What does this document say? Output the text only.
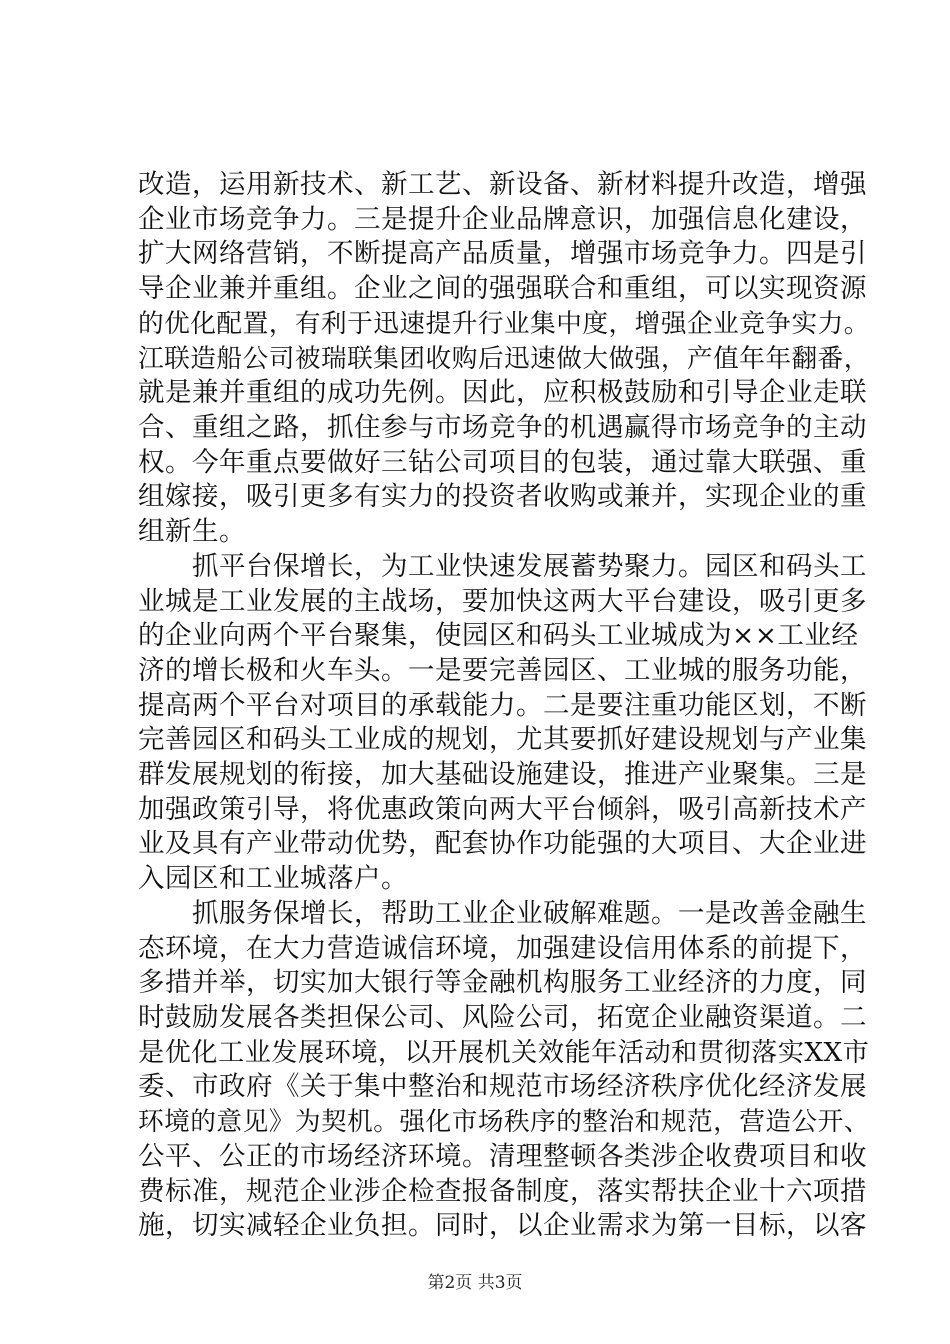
改造，运用新技术、新工艺、新设备、新材料提升改造，增强
企业市场竞争力。三是提升企业品牌意识，加强信息化建设，
扩大网络营销，不断提高产品质量，增强市场竞争力。四是引
导企业兼并重组。企业之间的强强联合和重组，可以实现资源
的优化配置，有利于迅速提升行业集中度，增强企业竞争实力。
江联造船公司被瑞联集团收购后迅速做大做强，产值年年翻番，
就是兼并重组的成功先例。因此，应积极鼓励和引导企业走联
合、重组之路，抓住参与市场竞争的机遇赢得市场竞争的主动
权。今年重点要做好三钻公司项目的包装，通过靠大联强、重
组嫁接，吸引更多有实力的投资者收购或兼并，实现企业的重
组新生。
　　抓平台保增长，为工业快速发展蓄势聚力。园区和码头工
业城是工业发展的主战场，要加快这两大平台建设，吸引更多
的企业向两个平台聚集，使园区和码头工业城成为××工业经
济的增长极和火车头。一是要完善园区、工业城的服务功能，
提高两个平台对项目的承载能力。二是要注重功能区划，不断
完善园区和码头工业成的规划，尤其要抓好建设规划与产业集
群发展规划的衔接，加大基础设施建设，推进产业聚集。三是
加强政策引导，将优惠政策向两大平台倾斜，吸引高新技术产
业及具有产业带动优势，配套协作功能强的大项目、大企业进
入园区和工业城落户。
　　抓服务保增长，帮助工业企业破解难题。一是改善金融生
态环境，在大力营造诚信环境，加强建设信用体系的前提下，
多措并举，切实加大银行等金融机构服务工业经济的力度，同
时鼓励发展各类担保公司、风险公司，拓宽企业融资渠道。二
是优化工业发展环境，以开展机关效能年活动和贯彻落实XX市
委、市政府《关于集中整治和规范市场经济秩序优化经济发展
环境的意见》为契机。强化市场秩序的整治和规范，营造公开、
公平、公正的市场经济环境。清理整顿各类涉企收费项目和收
费标准，规范企业涉企检查报备制度，落实帮扶企业十六项措
施，切实减轻企业负担。同时，以企业需求为第一目标，以客
第2页 共3页
